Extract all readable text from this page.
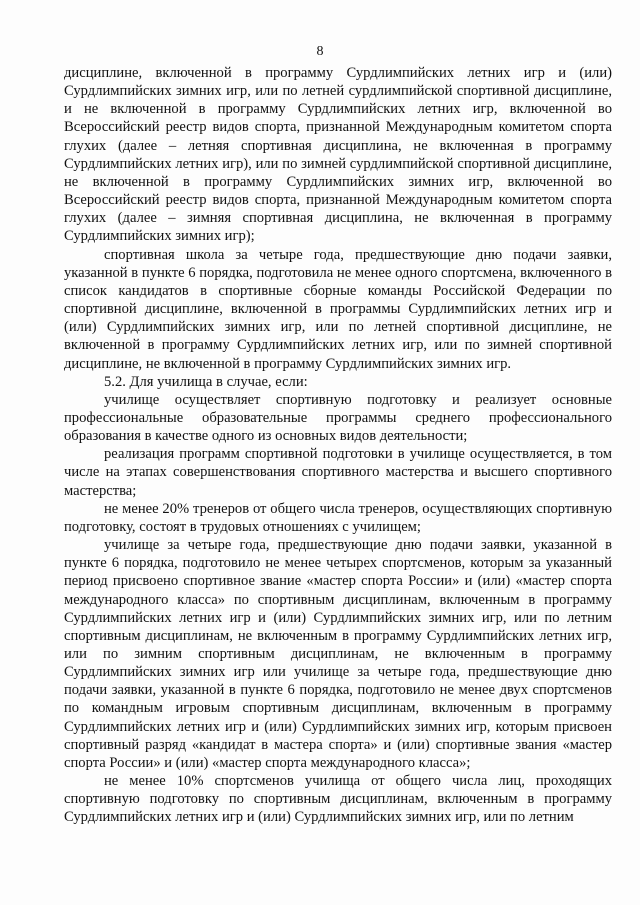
8

дисциплине, включенной в программу Сурдлимпийских летних игр и (или) Сурдлимпийских зимних игр, или по летней сурдлимпийской спортивной дисциплине, и не включенной в программу Сурдлимпийских летних игр, включенной во Всероссийский реестр видов спорта, признанной Международным комитетом спорта глухих (далее – летняя спортивная дисциплина, не включенная в программу Сурдлимпийских летних игр), или по зимней сурдлимпийской спортивной дисциплине, не включенной в программу Сурдлимпийских зимних игр, включенной во Всероссийский реестр видов спорта, признанной Международным комитетом спорта глухих (далее – зимняя спортивная дисциплина, не включенная в программу Сурдлимпийских зимних игр);

спортивная школа за четыре года, предшествующие дню подачи заявки, указанной в пункте 6 порядка, подготовила не менее одного спортсмена, включенного в список кандидатов в спортивные сборные команды Российской Федерации по спортивной дисциплине, включенной в программы Сурдлимпийских летних игр и (или) Сурдлимпийских зимних игр, или по летней спортивной дисциплине, не включенной в программу Сурдлимпийских летних игр, или по зимней спортивной дисциплине, не включенной в программу Сурдлимпийских зимних игр.

5.2. Для училища в случае, если:

училище осуществляет спортивную подготовку и реализует основные профессиональные образовательные программы среднего профессионального образования в качестве одного из основных видов деятельности;

реализация программ спортивной подготовки в училище осуществляется, в том числе на этапах совершенствования спортивного мастерства и высшего спортивного мастерства;

не менее 20% тренеров от общего числа тренеров, осуществляющих спортивную подготовку, состоят в трудовых отношениях с училищем;

училище за четыре года, предшествующие дню подачи заявки, указанной в пункте 6 порядка, подготовило не менее четырех спортсменов, которым за указанный период присвоено спортивное звание «мастер спорта России» и (или) «мастер спорта международного класса» по спортивным дисциплинам, включенным в программу Сурдлимпийских летних игр и (или) Сурдлимпийских зимних игр, или по летним спортивным дисциплинам, не включенным в программу Сурдлимпийских летних игр, или по зимним спортивным дисциплинам, не включенным в программу Сурдлимпийских зимних игр или училище за четыре года, предшествующие дню подачи заявки, указанной в пункте 6 порядка, подготовило не менее двух спортсменов по командным игровым спортивным дисциплинам, включенным в программу Сурдлимпийских летних игр и (или) Сурдлимпийских зимних игр, которым присвоен спортивный разряд «кандидат в мастера спорта» и (или) спортивные звания «мастер спорта России» и (или) «мастер спорта международного класса»;

не менее 10% спортсменов училища от общего числа лиц, проходящих спортивную подготовку по спортивным дисциплинам, включенным в программу Сурдлимпийских летних игр и (или) Сурдлимпийских зимних игр, или по летним
